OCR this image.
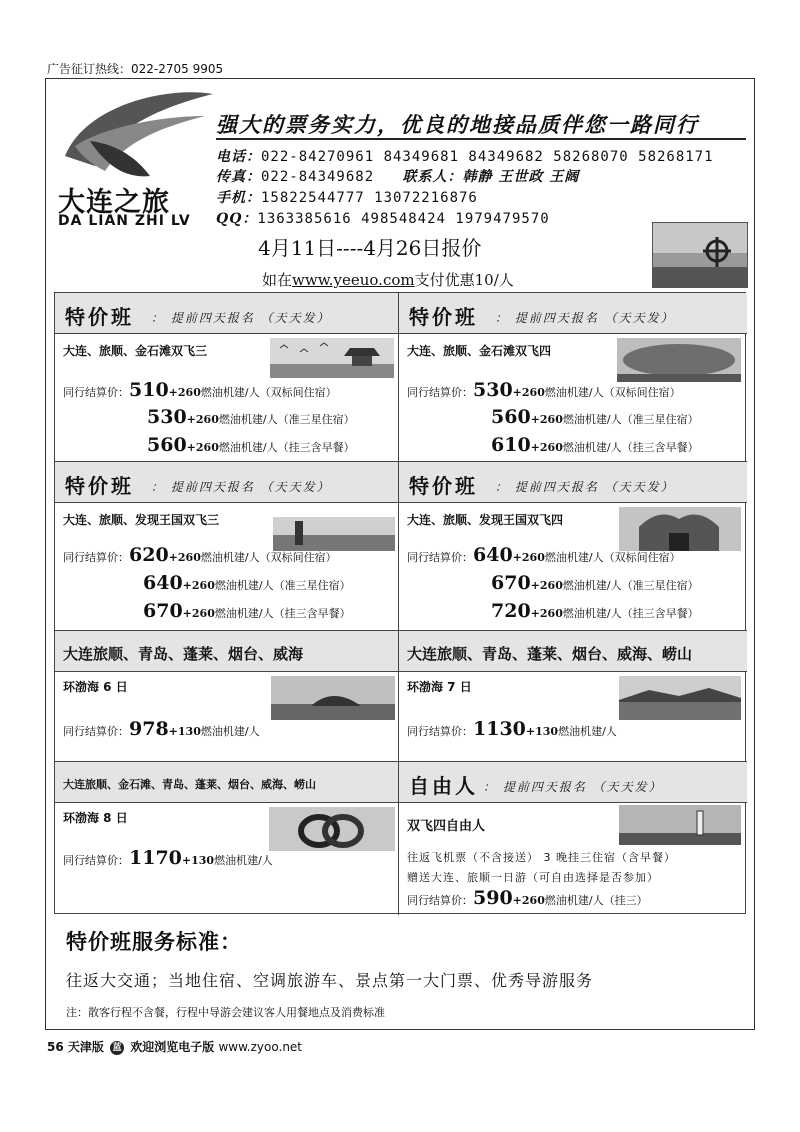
广告征订热线：022-2705 9905
大连之旅
DA LIAN ZHI LV
强大的票务实力，优良的地接品质伴您一路同行
电话：022-84270961 84349681 84349682 58268070 58268171
传真：022-84349682 联系人：韩静 王世政 王阔
手机：15822544777 13072216876
QQ：1363385616 498548424 1979479570
4月11日----4月26日报价
如在www.yeeuo.com支付优惠10/人
特价班 ： 提前四天报名 （天天发）	特价班 ： 提前四天报名 （天天发）
大连、旅顺、金石滩双飞三
同行结算价：510+260燃油机建/人（双标间住宿）
530+260燃油机建/人（准三星住宿）
560+260燃油机建/人（挂三含早餐）
大连、旅顺、金石滩双飞四
同行结算价：530+260燃油机建/人（双标间住宿）
560+260燃油机建/人（准三星住宿）
610+260燃油机建/人（挂三含早餐）
特价班 ： 提前四天报名 （天天发）	特价班 ： 提前四天报名 （天天发）
大连、旅顺、发现王国双飞三
同行结算价：620+260燃油机建/人（双标间住宿）
640+260燃油机建/人（准三星住宿）
670+260燃油机建/人（挂三含早餐）
大连、旅顺、发现王国双飞四
同行结算价：640+260燃油机建/人（双标间住宿）
670+260燃油机建/人（准三星住宿）
720+260燃油机建/人（挂三含早餐）
大连旅顺、青岛、蓬莱、烟台、威海	大连旅顺、青岛、蓬莱、烟台、威海、崂山
环渤海 6 日
同行结算价：978+130燃油机建/人
环渤海 7 日
同行结算价：1130+130燃油机建/人
大连旅顺、金石滩、青岛、蓬莱、烟台、威海、崂山	自由人 ： 提前四天报名 （天天发）
环渤海 8 日
同行结算价：1170+130燃油机建/人
双飞四自由人
往返飞机票（不含接送） 3 晚挂三住宿（含早餐）
赠送大连、旅顺一日游（可自由选择是否参加）
同行结算价：590+260燃油机建/人（挂三）
特价班服务标准：
往返大交通；当地住宿、空调旅游车、景点第一大门票、优秀导游服务
注：散客行程不含餐，行程中导游会建议客人用餐地点及消费标准
56 天津版 蓝 欢迎浏览电子版 www.zyoo.net
